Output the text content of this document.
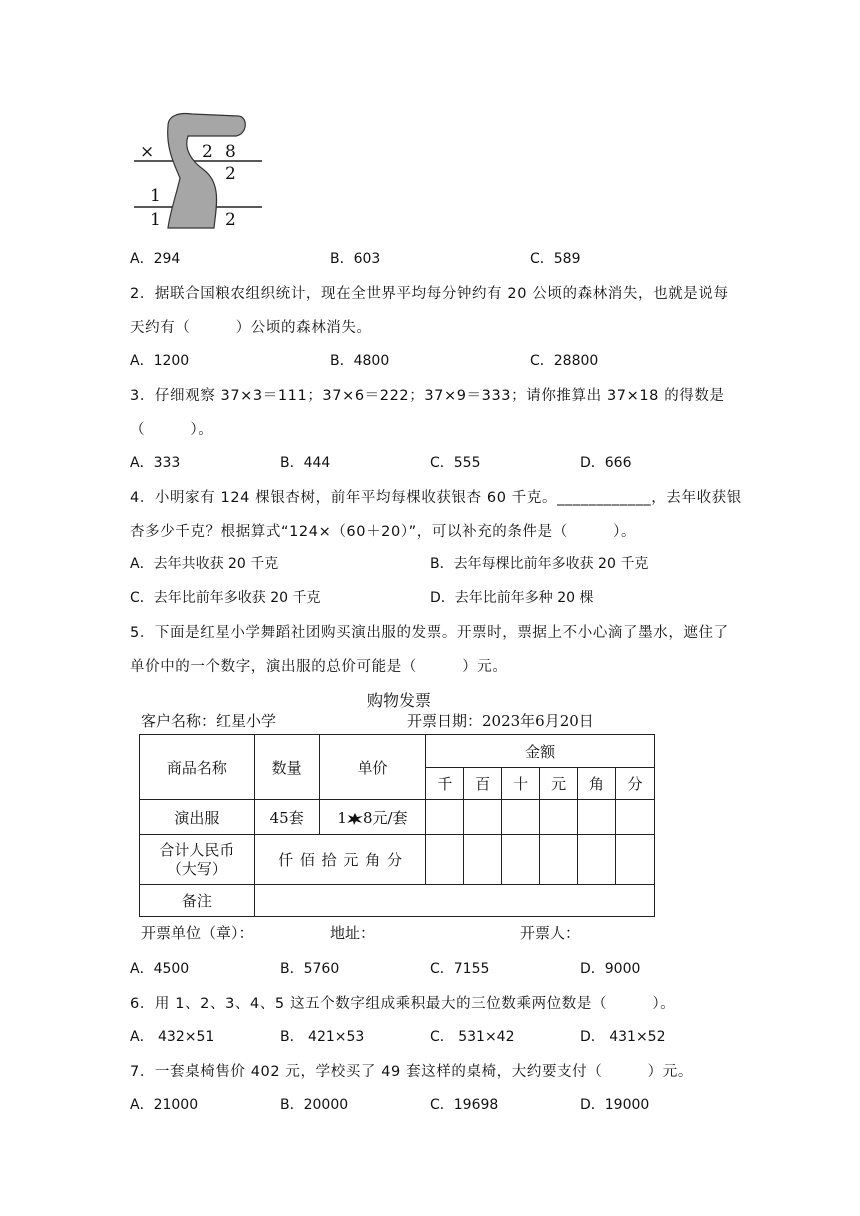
×	2 8
2
1
1	2
A．294	B．603	C．589
2．据联合国粮农组织统计，现在全世界平均每分钟约有 20 公顷的森林消失，也就是说每
天约有（　　　）公顷的森林消失。
A．1200	B．4800	C．28800
3．仔细观察 37×3＝111；37×6＝222；37×9＝333；请你推算出 37×18 的得数是
（　　　）。
A．333	B．444	C．555	D．666
4．小明家有 124 棵银杏树，前年平均每棵收获银杏 60 千克。____________，去年收获银
杏多少千克？根据算式“124×（60＋20）”，可以补充的条件是（　　　）。
A．去年共收获 20 千克	B．去年每棵比前年多收获 20 千克
C．去年比前年多收获 20 千克	D．去年比前年多种 20 棵
5．下面是红星小学舞蹈社团购买演出服的发票。开票时，票据上不小心滴了墨水，遮住了
单价中的一个数字，演出服的总价可能是（　　　）元。
购物发票
客户名称：红星小学	开票日期：2023年6月20日
商品名称	数量	单价	金额					
			千	百	十	元	角	分
演出服	45套	1 8元/套						

合计人民币
（大写）	仟 佰 拾 元 角 分							
备注								
开票单位（章）：	地址：	开票人：
A．4500	B．5760	C．7155	D．9000
6．用 1、2、3、4、5 这五个数字组成乘积最大的三位数乘两位数是（　　　）。
A． 432×51	B． 421×53	C． 531×42	D． 431×52
7．一套桌椅售价 402 元，学校买了 49 套这样的桌椅，大约要支付（　　　）元。
A．21000	B．20000	C．19698	D．19000
